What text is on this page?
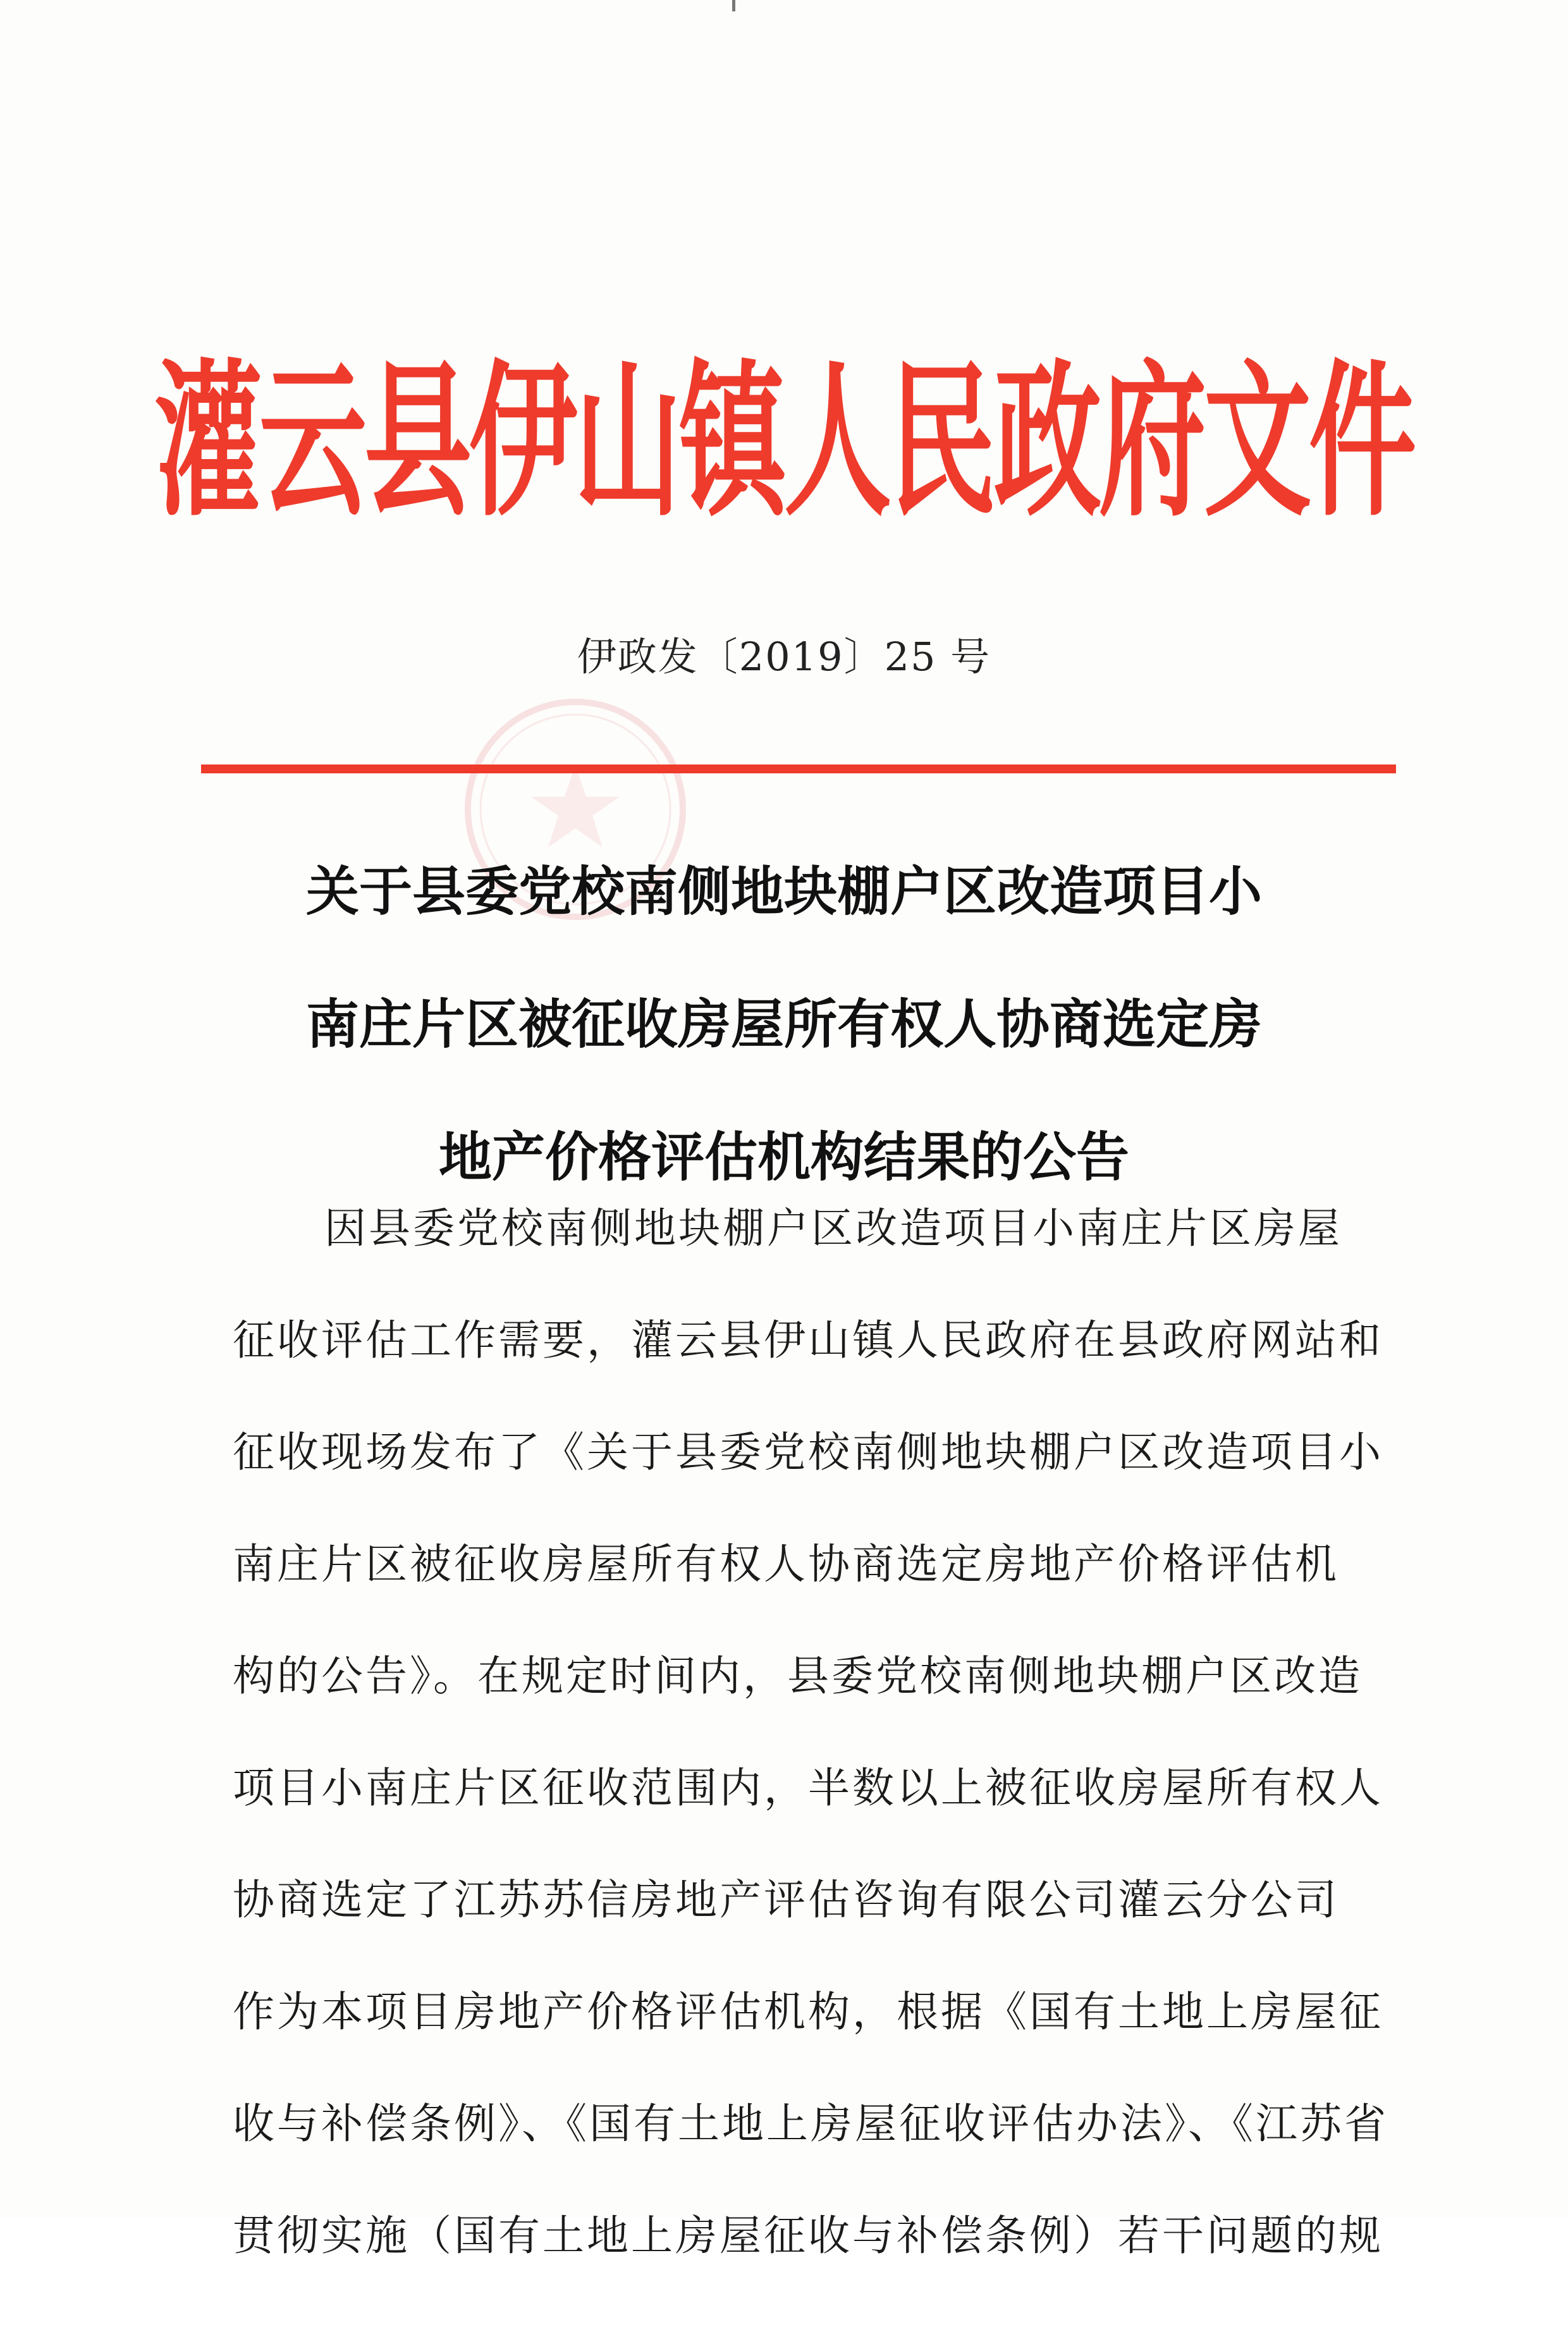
灌云县伊山镇人民政府文件
伊政发〔2019〕25 号
关于县委党校南侧地块棚户区改造项目小
南庄片区被征收房屋所有权人协商选定房
地产价格评估机构结果的公告
因县委党校南侧地块棚户区改造项目小南庄片区房屋
征收评估工作需要，灌云县伊山镇人民政府在县政府网站和
征收现场发布了《关于县委党校南侧地块棚户区改造项目小
南庄片区被征收房屋所有权人协商选定房地产价格评估机
构的公告》。在规定时间内，县委党校南侧地块棚户区改造
项目小南庄片区征收范围内，半数以上被征收房屋所有权人
协商选定了江苏苏信房地产评估咨询有限公司灌云分公司
作为本项目房地产价格评估机构，根据《国有土地上房屋征
收与补偿条例》、《国有土地上房屋征收评估办法》、《江苏省
贯彻实施（国有土地上房屋征收与补偿条例）若干问题的规
